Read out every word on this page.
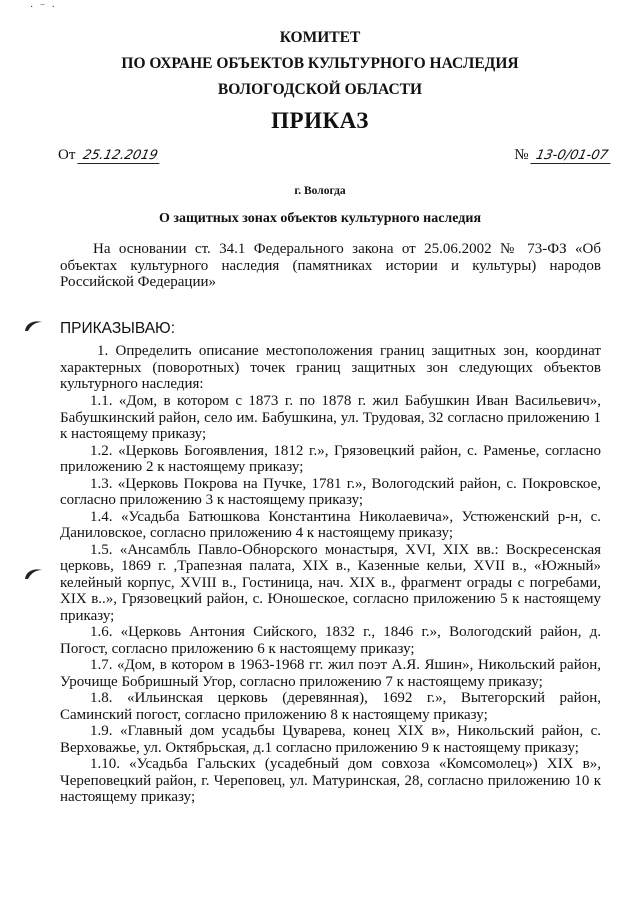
· ⁻ ·
КОМИТЕТ
ПО ОХРАНЕ ОБЪЕКТОВ КУЛЬТУРНОГО НАСЛЕДИЯ
ВОЛОГОДСКОЙ ОБЛАСТИ
ПРИКАЗ
От 25.12.2019	№ 13-0/01-07
г. Вологда
О защитных зонах объектов культурного наследия
На основании ст. 34.1 Федерального закона от 25.06.2002 № 73-ФЗ «Об объектах культурного наследия (памятниках истории и культуры) народов Российской Федерации»
ПРИКАЗЫВАЮ:
1. Определить описание местоположения границ защитных зон, координат характерных (поворотных) точек границ защитных зон следующих объектов культурного наследия:

1.1. «Дом, в котором с 1873 г. по 1878 г. жил Бабушкин Иван Васильевич», Бабушкинский район, село им. Бабушкина, ул. Трудовая, 32 согласно приложению 1 к настоящему приказу;

1.2. «Церковь Богоявления, 1812 г.», Грязовецкий район, с. Раменье, согласно приложению 2 к настоящему приказу;

1.3. «Церковь Покрова на Пучке, 1781 г.», Вологодский район, с. Покровское, согласно приложению 3 к настоящему приказу;

1.4. «Усадьба Батюшкова Константина Николаевича», Устюженский р-н, с. Даниловское, согласно приложению 4 к настоящему приказу;

1.5. «Ансамбль Павло-Обнорского монастыря, XVI, XIX вв.: Воскресенская церковь, 1869 г. ,Трапезная палата, XIX в., Казенные кельи, XVII в., «Южный» келейный корпус, XVIII в., Гостиница, нач. XIX в., фрагмент ограды с погребами, XIX в..», Грязовецкий район, с. Юношеское, согласно приложению 5 к настоящему приказу;

1.6. «Церковь Антония Сийского, 1832 г., 1846 г.», Вологодский район, д. Погост, согласно приложению 6 к настоящему приказу;

1.7. «Дом, в котором в 1963-1968 гг. жил поэт А.Я. Яшин», Никольский район, Урочище Бобришный Угор, согласно приложению 7 к настоящему приказу;

1.8. «Ильинская церковь (деревянная), 1692 г.», Вытегорский район, Саминский погост, согласно приложению 8 к настоящему приказу;

1.9. «Главный дом усадьбы Цуварева, конец XIX в», Никольский район, с. Верховажье, ул. Октябрьская, д.1 согласно приложению 9 к настоящему приказу;

1.10. «Усадьба Гальских (усадебный дом совхоза «Комсомолец») XIX в», Череповецкий район, г. Череповец, ул. Матуринская, 28, согласно приложению 10 к настоящему приказу;
